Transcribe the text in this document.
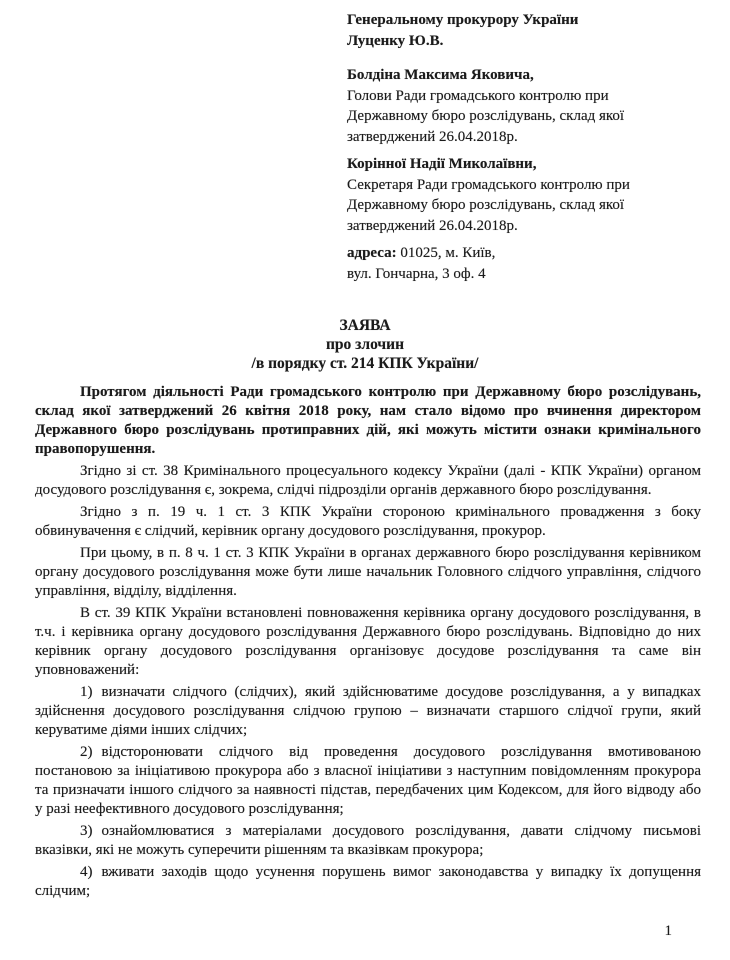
Генеральному прокурору України
Луценку Ю.В.
Болдіна Максима Яковича,
Голови Ради громадського контролю при
Державному бюро розслідувань, склад якої
затверджений 26.04.2018р.
Корінної Надії Миколаївни,
Секретаря Ради громадського контролю при
Державному бюро розслідувань, склад якої
затверджений 26.04.2018р.
адреса: 01025, м. Київ,
вул. Гончарна, 3 оф. 4
ЗАЯВА
про злочин
/в порядку ст. 214 КПК України/

Протягом діяльності Ради громадського контролю при Державному бюро розслідувань, склад якої затверджений 26 квітня 2018 року, нам стало відомо про вчинення директором Державного бюро розслідувань протиправних дій, які можуть містити ознаки кримінального правопорушення.

Згідно зі ст. 38 Кримінального процесуального кодексу України (далі - КПК України) органом досудового розслідування є, зокрема, слідчі підрозділи органів державного бюро розслідування.

Згідно з п. 19 ч. 1 ст. 3 КПК України стороною кримінального провадження з боку обвинувачення є слідчий, керівник органу досудового розслідування, прокурор.

При цьому, в п. 8 ч. 1 ст. 3 КПК України в органах державного бюро розслідування керівником органу досудового розслідування може бути лише начальник Головного слідчого управління, слідчого управління, відділу, відділення.

В ст. 39 КПК України встановлені повноваження керівника органу досудового розслідування, в т.ч. і керівника органу досудового розслідування Державного бюро розслідувань. Відповідно до них керівник органу досудового розслідування організовує досудове розслідування та саме він уповноважений:

1) визначати слідчого (слідчих), який здійснюватиме досудове розслідування, а у випадках здійснення досудового розслідування слідчою групою – визначати старшого слідчої групи, який керуватиме діями інших слідчих;

2) відсторонювати слідчого від проведення досудового розслідування вмотивованою постановою за ініціативою прокурора або з власної ініціативи з наступним повідомленням прокурора та призначати іншого слідчого за наявності підстав, передбачених цим Кодексом, для його відводу або у разі неефективного досудового розслідування;

3) ознайомлюватися з матеріалами досудового розслідування, давати слідчому письмові вказівки, які не можуть суперечити рішенням та вказівкам прокурора;

4) вживати заходів щодо усунення порушень вимог законодавства у випадку їх допущення слідчим;

1
